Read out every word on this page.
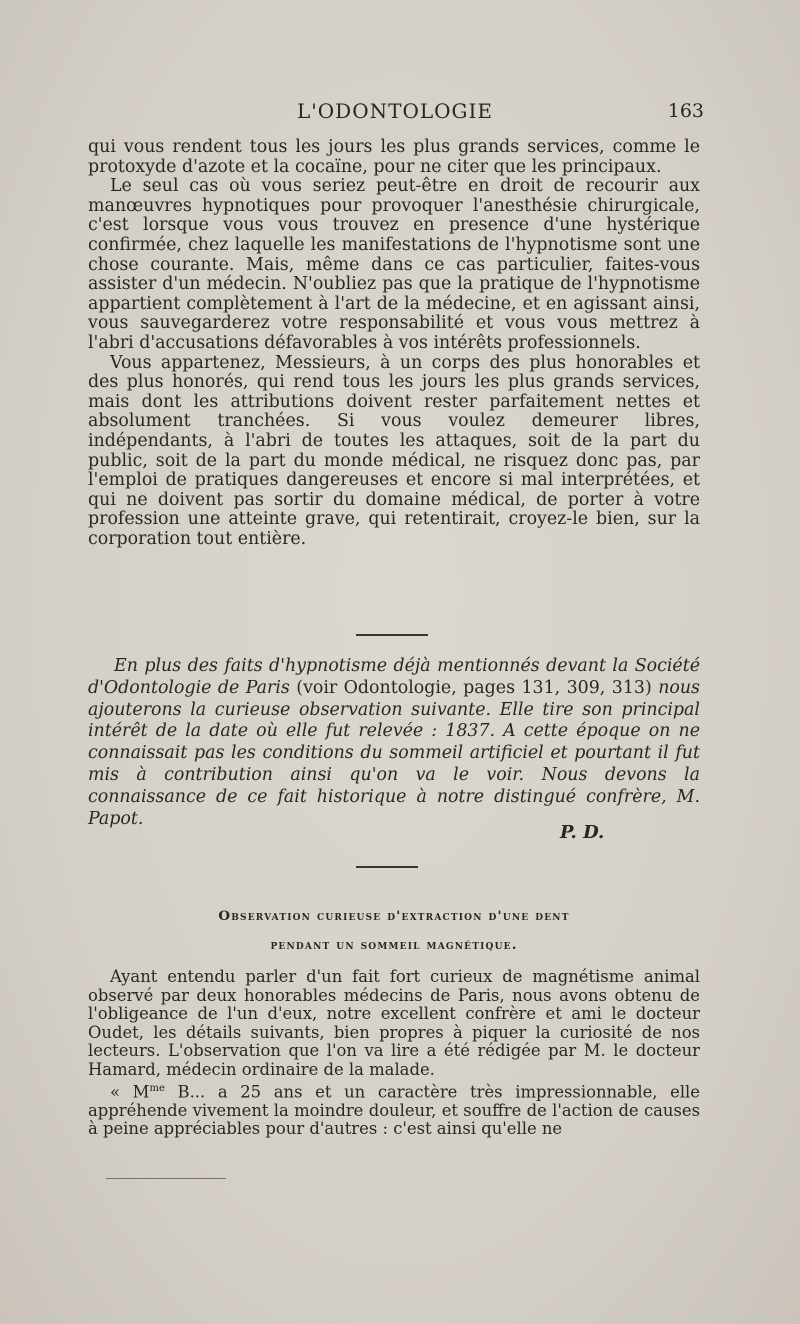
L'ODONTOLOGIE	163

qui vous rendent tous les jours les plus grands services, comme le protoxyde d'azote et la cocaïne, pour ne citer que les principaux.

Le seul cas où vous seriez peut-être en droit de recourir aux manœuvres hypnotiques pour provoquer l'anesthésie chirurgicale, c'est lorsque vous vous trouvez en presence d'une hystérique confirmée, chez laquelle les manifestations de l'hypnotisme sont une chose courante. Mais, même dans ce cas particulier, faites-vous assister d'un médecin. N'oubliez pas que la pratique de l'hypnotisme appartient complètement à l'art de la médecine, et en agissant ainsi, vous sauvegarderez votre responsabilité et vous vous mettrez à l'abri d'accusations défavorables à vos intérêts professionnels.

Vous appartenez, Messieurs, à un corps des plus honorables et des plus honorés, qui rend tous les jours les plus grands services, mais dont les attributions doivent rester parfaitement nettes et absolument tranchées. Si vous voulez demeurer libres, indépendants, à l'abri de toutes les attaques, soit de la part du public, soit de la part du monde médical, ne risquez donc pas, par l'emploi de pratiques dangereuses et encore si mal interprétées, et qui ne doivent pas sortir du domaine médical, de porter à votre profession une atteinte grave, qui retentirait, croyez-le bien, sur la corporation tout entière.

En plus des faits d'hypnotisme déjà mentionnés devant la Société d'Odontologie de Paris (voir Odontologie, pages 131, 309, 313) nous ajouterons la curieuse observation suivante. Elle tire son principal intérêt de la date où elle fut relevée : 1837. A cette époque on ne connaissait pas les conditions du sommeil artificiel et pourtant il fut mis à contribution ainsi qu'on va le voir. Nous devons la connaissance de ce fait historique à notre distingué confrère, M. Papot.

P. D.
Observation curieuse d'extraction d'une dent
pendant un sommeil magnétique.

Ayant entendu parler d'un fait fort curieux de magnétisme animal observé par deux honorables médecins de Paris, nous avons obtenu de l'obligeance de l'un d'eux, notre excellent confrère et ami le docteur Oudet, les détails suivants, bien propres à piquer la curiosité de nos lecteurs. L'observation que l'on va lire a été rédigée par M. le docteur Hamard, médecin ordinaire de la malade.

« $M^{me}$ B... a 25 ans et un caractère très impressionnable, elle appréhende vivement la moindre douleur, et souffre de l'action de causes à peine appréciables pour d'autres : c'est ainsi qu'elle ne
